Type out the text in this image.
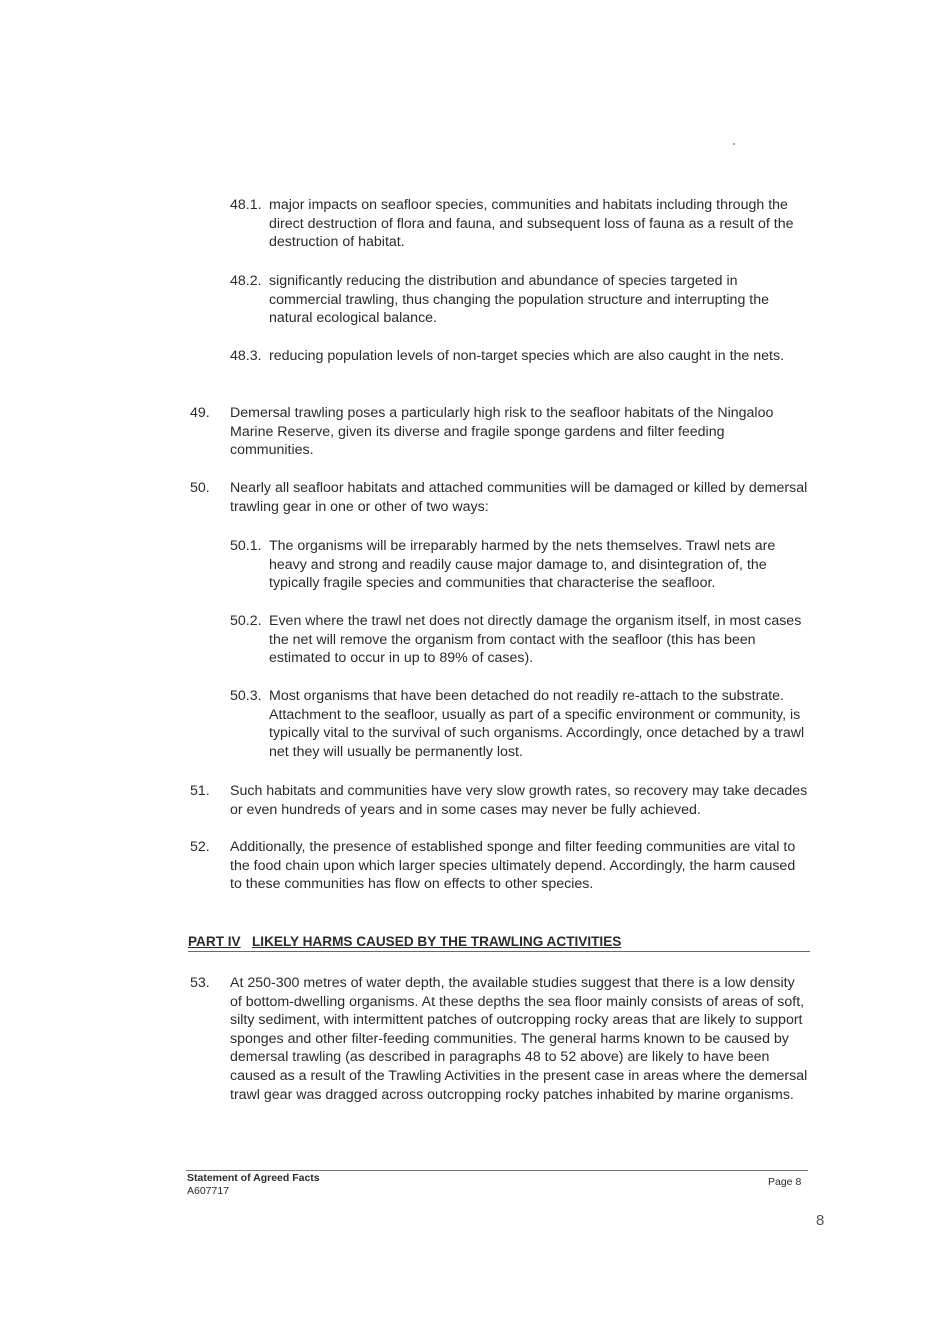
48.1. major impacts on seafloor species, communities and habitats including through the direct destruction of flora and fauna, and subsequent loss of fauna as a result of the destruction of habitat.
48.2. significantly reducing the distribution and abundance of species targeted in commercial trawling, thus changing the population structure and interrupting the natural ecological balance.
48.3. reducing population levels of non-target species which are also caught in the nets.
49. Demersal trawling poses a particularly high risk to the seafloor habitats of the Ningaloo Marine Reserve, given its diverse and fragile sponge gardens and filter feeding communities.
50. Nearly all seafloor habitats and attached communities will be damaged or killed by demersal trawling gear in one or other of two ways:
50.1. The organisms will be irreparably harmed by the nets themselves. Trawl nets are heavy and strong and readily cause major damage to, and disintegration of, the typically fragile species and communities that characterise the seafloor.
50.2. Even where the trawl net does not directly damage the organism itself, in most cases the net will remove the organism from contact with the seafloor (this has been estimated to occur in up to 89% of cases).
50.3. Most organisms that have been detached do not readily re-attach to the substrate. Attachment to the seafloor, usually as part of a specific environment or community, is typically vital to the survival of such organisms. Accordingly, once detached by a trawl net they will usually be permanently lost.
51. Such habitats and communities have very slow growth rates, so recovery may take decades or even hundreds of years and in some cases may never be fully achieved.
52. Additionally, the presence of established sponge and filter feeding communities are vital to the food chain upon which larger species ultimately depend. Accordingly, the harm caused to these communities has flow on effects to other species.
PART IV LIKELY HARMS CAUSED BY THE TRAWLING ACTIVITIES
53. At 250-300 metres of water depth, the available studies suggest that there is a low density of bottom-dwelling organisms. At these depths the sea floor mainly consists of areas of soft, silty sediment, with intermittent patches of outcropping rocky areas that are likely to support sponges and other filter-feeding communities. The general harms known to be caused by demersal trawling (as described in paragraphs 48 to 52 above) are likely to have been caused as a result of the Trawling Activities in the present case in areas where the demersal trawl gear was dragged across outcropping rocky patches inhabited by marine organisms.
Statement of Agreed Facts
A607717
Page 8
8
